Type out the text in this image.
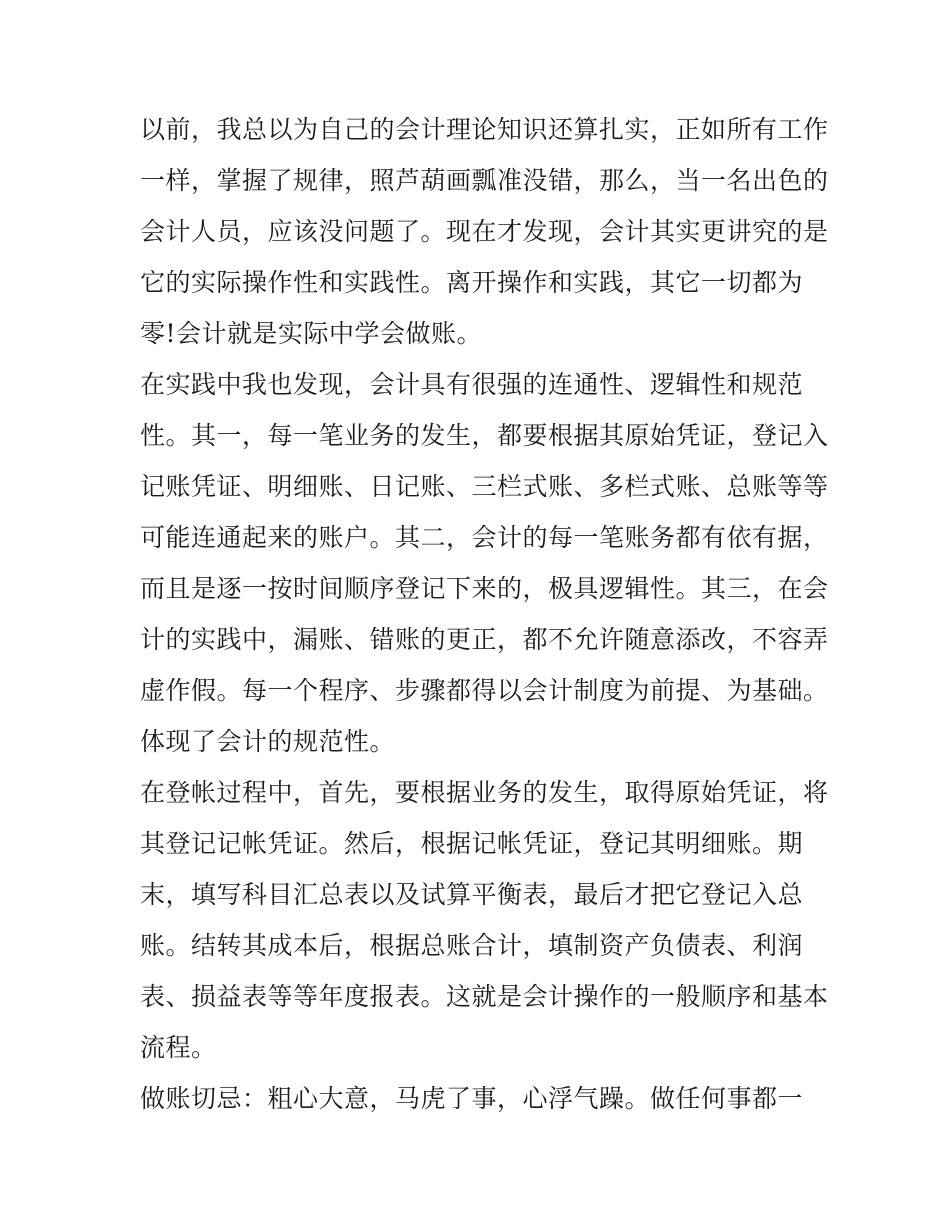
以前，我总以为自己的会计理论知识还算扎实，正如所有工作
一样，掌握了规律，照芦葫画瓢准没错，那么，当一名出色的
会计人员，应该没问题了。现在才发现，会计其实更讲究的是
它的实际操作性和实践性。离开操作和实践，其它一切都为
零!会计就是实际中学会做账。
在实践中我也发现，会计具有很强的连通性、逻辑性和规范
性。其一，每一笔业务的发生，都要根据其原始凭证，登记入
记账凭证、明细账、日记账、三栏式账、多栏式账、总账等等
可能连通起来的账户。其二，会计的每一笔账务都有依有据，
而且是逐一按时间顺序登记下来的，极具逻辑性。其三，在会
计的实践中，漏账、错账的更正，都不允许随意添改，不容弄
虚作假。每一个程序、步骤都得以会计制度为前提、为基础。
体现了会计的规范性。
在登帐过程中，首先，要根据业务的发生，取得原始凭证，将
其登记记帐凭证。然后，根据记帐凭证，登记其明细账。期
末，填写科目汇总表以及试算平衡表，最后才把它登记入总
账。结转其成本后，根据总账合计，填制资产负债表、利润
表、损益表等等年度报表。这就是会计操作的一般顺序和基本
流程。
做账切忌：粗心大意，马虎了事，心浮气躁。做任何事都一
